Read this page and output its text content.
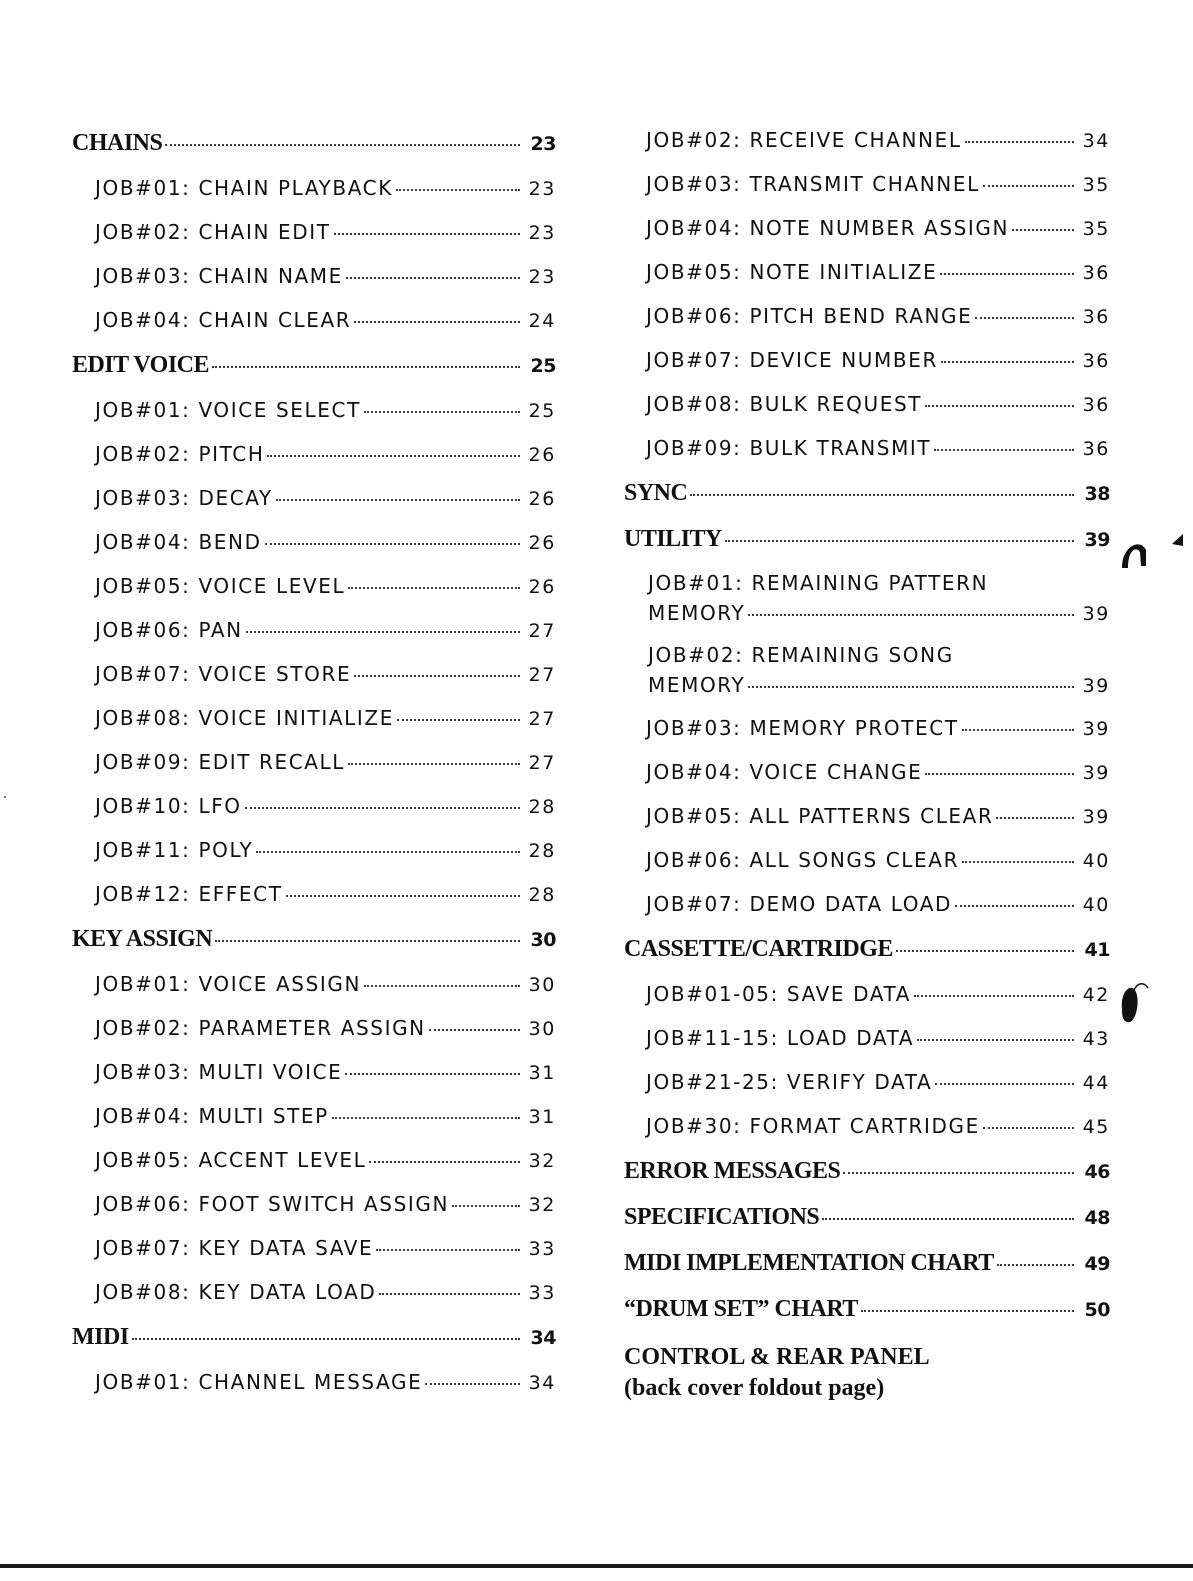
CHAINS	23
JOB#01: CHAIN PLAYBACK	23
JOB#02: CHAIN EDIT	23
JOB#03: CHAIN NAME	23
JOB#04: CHAIN CLEAR	24
EDIT VOICE	25
JOB#01: VOICE SELECT	25
JOB#02: PITCH	26
JOB#03: DECAY	26
JOB#04: BEND	26
JOB#05: VOICE LEVEL	26
JOB#06: PAN	27
JOB#07: VOICE STORE	27
JOB#08: VOICE INITIALIZE	27
JOB#09: EDIT RECALL	27
JOB#10: LFO	28
JOB#11: POLY	28
JOB#12: EFFECT	28
KEY ASSIGN	30
JOB#01: VOICE ASSIGN	30
JOB#02: PARAMETER ASSIGN	30
JOB#03: MULTI VOICE	31
JOB#04: MULTI STEP	31
JOB#05: ACCENT LEVEL	32
JOB#06: FOOT SWITCH ASSIGN	32
JOB#07: KEY DATA SAVE	33
JOB#08: KEY DATA LOAD	33
MIDI	34
JOB#01: CHANNEL MESSAGE	34
JOB#02: RECEIVE CHANNEL	34
JOB#03: TRANSMIT CHANNEL	35
JOB#04: NOTE NUMBER ASSIGN	35
JOB#05: NOTE INITIALIZE	36
JOB#06: PITCH BEND RANGE	36
JOB#07: DEVICE NUMBER	36
JOB#08: BULK REQUEST	36
JOB#09: BULK TRANSMIT	36
SYNC	38
UTILITY	39
JOB#01: REMAINING PATTERN
MEMORY	39
JOB#02: REMAINING SONG
MEMORY	39
JOB#03: MEMORY PROTECT	39
JOB#04: VOICE CHANGE	39
JOB#05: ALL PATTERNS CLEAR	39
JOB#06: ALL SONGS CLEAR	40
JOB#07: DEMO DATA LOAD	40
CASSETTE/CARTRIDGE	41
JOB#01-05: SAVE DATA	42
JOB#11-15: LOAD DATA	43
JOB#21-25: VERIFY DATA	44
JOB#30: FORMAT CARTRIDGE	45
ERROR MESSAGES	46
SPECIFICATIONS	48
MIDI IMPLEMENTATION CHART	49
“DRUM SET” CHART	50
CONTROL & REAR PANEL
(back cover foldout page)
